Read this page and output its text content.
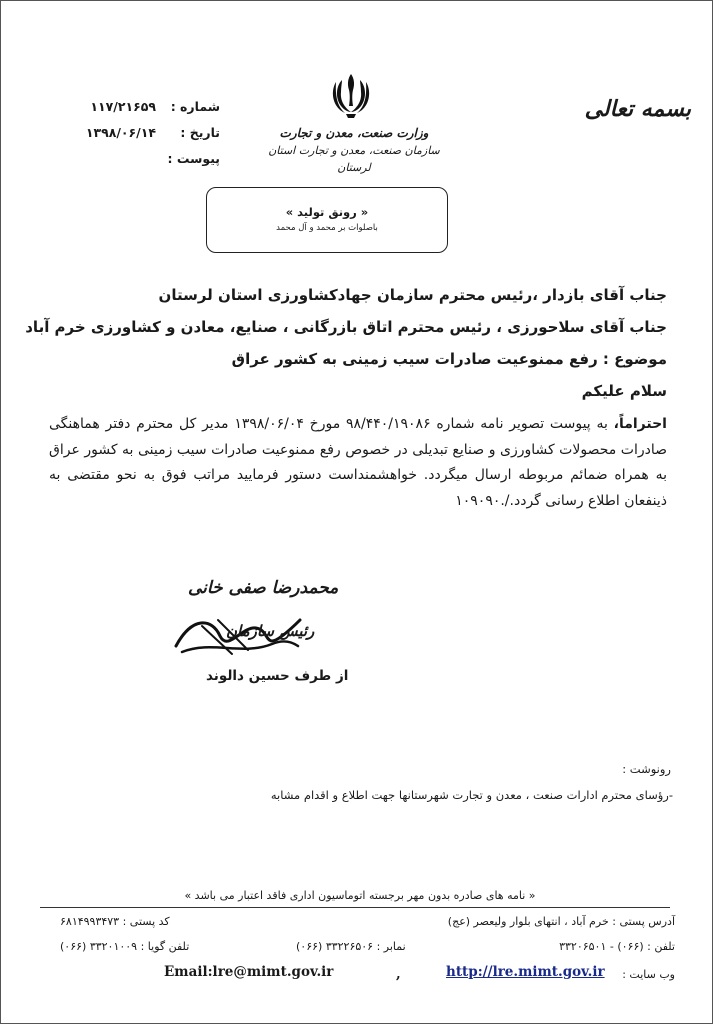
بسمه تعالی
وزارت صنعت، معدن و تجارت
سازمان صنعت، معدن و تجارت استان لرستان
شماره :
۱۱۷/۲۱۶۵۹
تاریخ :
۱۳۹۸/۰۶/۱۴
پیوست :
« رونق تولید »
باصلوات بر محمد و آل محمد
جناب آقای بازدار ،رئیس محترم سازمان جهادکشاورزی استان لرستان
جناب آقای سلاحورزی ، رئیس محترم اتاق بازرگانی ، صنایع، معادن و کشاورزی خرم آباد
موضوع : رفع ممنوعیت صادرات سیب زمینی به کشور عراق
سلام علیکم
احتراماً، به پیوست تصویر نامه شماره ۹۸/۴۴۰/۱۹۰۸۶ مورخ ۱۳۹۸/۰۶/۰۴ مدیر کل محترم دفتر هماهنگی صادرات محصولات کشاورزی و صنایع تبدیلی در خصوص رفع ممنوعیت صادرات سیب زمینی به کشور عراق به همراه ضمائم مربوطه ارسال میگردد. خواهشمنداست دستور فرمایید مراتب فوق به نحو مقتضی به ذینفعان اطلاع رسانی گردد./.۱۰۹۰۹۰
محمدرضا صفی خانی
رئیس سازمان
از طرف حسین دالوند
رونوشت :
-رؤسای محترم ادارات صنعت ، معدن و تجارت شهرستانها جهت اطلاع و اقدام مشابه
« نامه های صادره بدون مهر برجسته اتوماسیون اداری فاقد اعتبار می باشد »
آدرس پستی : خرم آباد ، انتهای بلوار ولیعصر (عج)
کد پستی : ۶۸۱۴۹۹۳۴۷۳
تلفن : (۰۶۶) - ۳۳۲۰۶۵۰۱
نمابر : ۳۳۲۲۶۵۰۶ (۰۶۶)
تلفن گویا : ۳۳۲۰۱۰۰۹ (۰۶۶)
وب سایت :
http://lre.mimt.gov.ir
,
Email:lre@mimt.gov.ir
